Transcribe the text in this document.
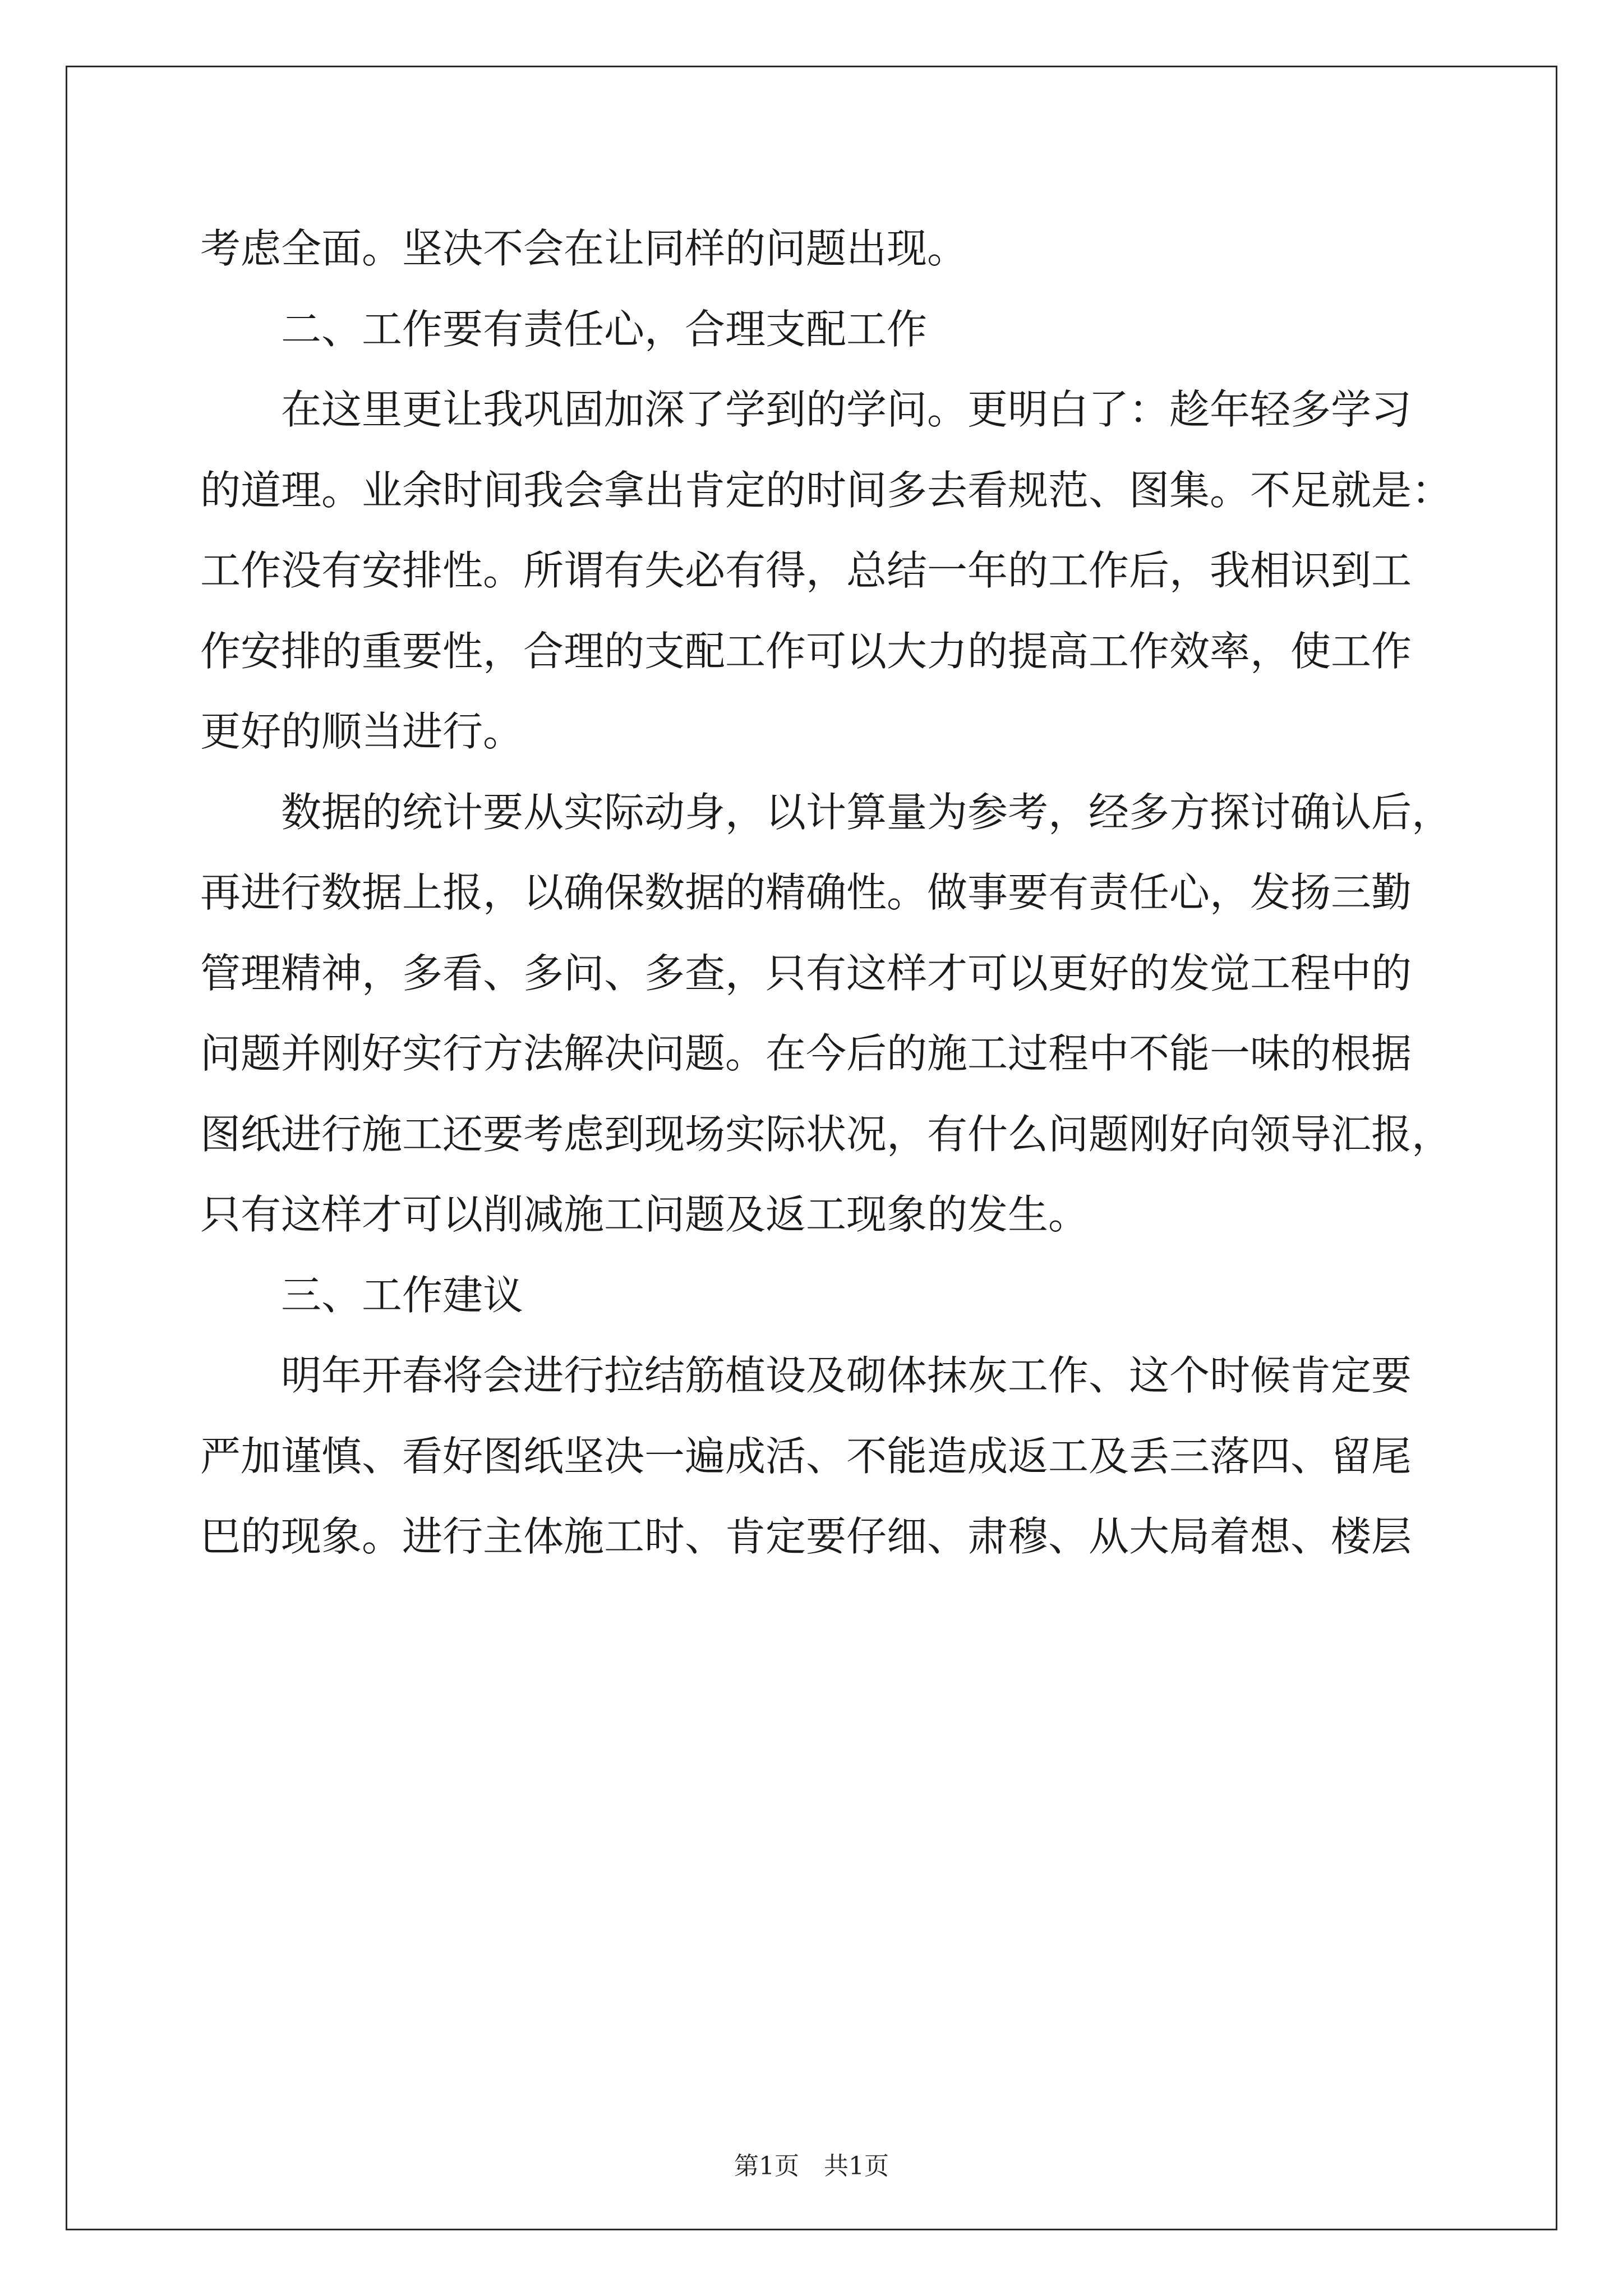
考虑全面。坚决不会在让同样的问题出现。
二、工作要有责任心，合理支配工作
在这里更让我巩固加深了学到的学问。更明白了：趁年轻多学习
的道理。业余时间我会拿出肯定的时间多去看规范、图集。不足就是：
工作没有安排性。所谓有失必有得，总结一年的工作后，我相识到工
作安排的重要性，合理的支配工作可以大力的提高工作效率，使工作
更好的顺当进行。
数据的统计要从实际动身，以计算量为参考，经多方探讨确认后，
再进行数据上报，以确保数据的精确性。做事要有责任心，发扬三勤
管理精神，多看、多问、多查，只有这样才可以更好的发觉工程中的
问题并刚好实行方法解决问题。在今后的施工过程中不能一味的根据
图纸进行施工还要考虑到现场实际状况，有什么问题刚好向领导汇报，
只有这样才可以削减施工问题及返工现象的发生。
三、工作建议
明年开春将会进行拉结筋植设及砌体抹灰工作、这个时候肯定要
严加谨慎、看好图纸坚决一遍成活、不能造成返工及丢三落四、留尾
巴的现象。进行主体施工时、肯定要仔细、肃穆、从大局着想、楼层
第1页 共1页
